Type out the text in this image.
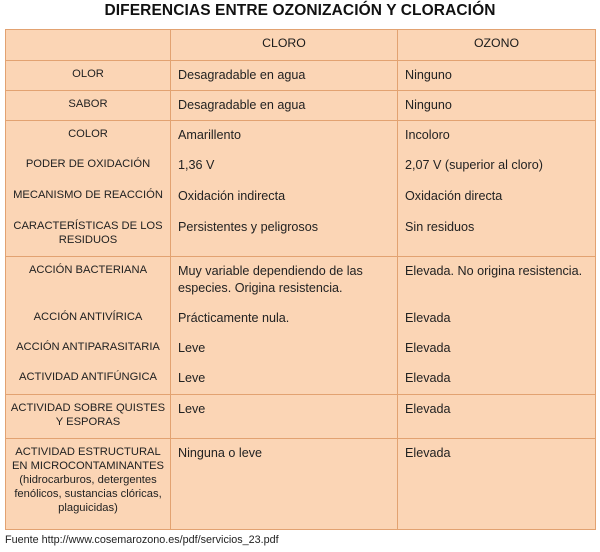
DIFERENCIAS ENTRE OZONIZACIÓN Y CLORACIÓN
	CLORO	OZONO
OLOR	Desagradable en agua	Ninguno
SABOR	Desagradable en agua	Ninguno
COLOR	Amarillento	Incoloro
PODER DE OXIDACIÓN	1,36 V	2,07 V (superior al cloro)
MECANISMO DE REACCIÓN	Oxidación indirecta	Oxidación directa
CARACTERÍSTICAS DE LOS RESIDUOS	Persistentes y peligrosos	Sin residuos
ACCIÓN BACTERIANA	Muy variable dependiendo de las especies. Origina resistencia.	Elevada. No origina resistencia.
ACCIÓN ANTIVÍRICA	Prácticamente nula.	Elevada
ACCIÓN ANTIPARASITARIA	Leve	Elevada
ACTIVIDAD ANTIFÚNGICA	Leve	Elevada
ACTIVIDAD SOBRE QUISTES Y ESPORAS	Leve	Elevada
ACTIVIDAD ESTRUCTURAL EN MICROCONTAMINANTES (hidrocarburos, detergentes fenólicos, sustancias clóricas, plaguicidas)	Ninguna o leve	Elevada
Fuente http://www.cosemarozono.es/pdf/servicios_23.pdf
